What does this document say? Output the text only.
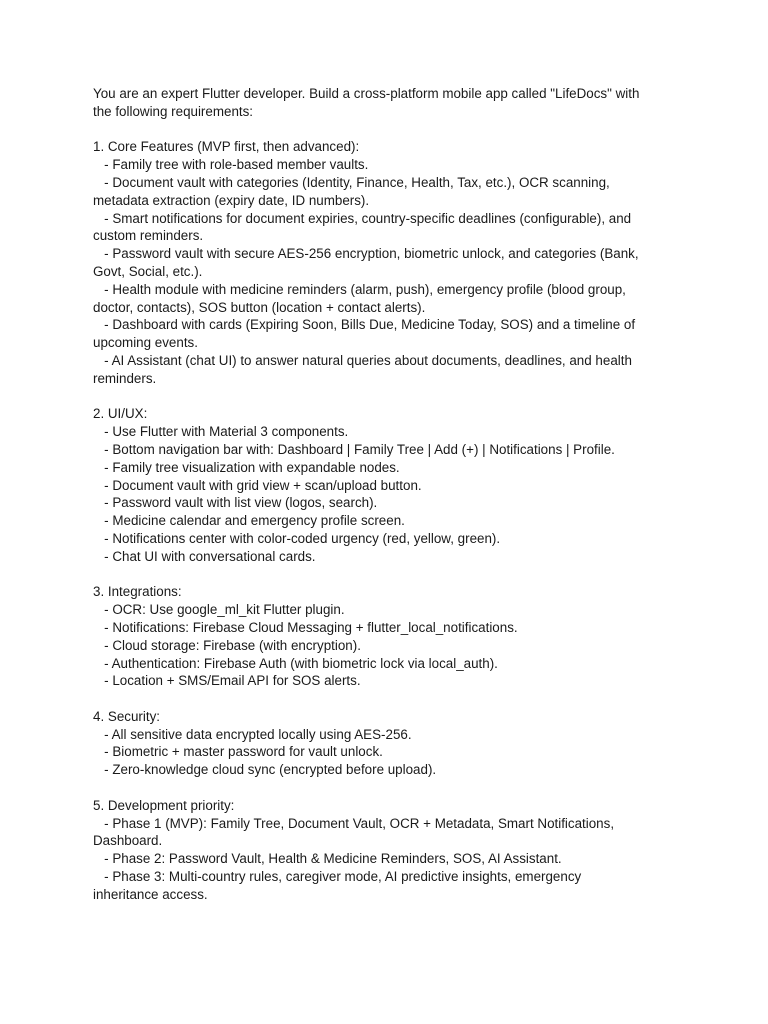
You are an expert Flutter developer. Build a cross-platform mobile app called "LifeDocs" with
the following requirements:
1. Core Features (MVP first, then advanced):
- Family tree with role-based member vaults.
- Document vault with categories (Identity, Finance, Health, Tax, etc.), OCR scanning,
metadata extraction (expiry date, ID numbers).
- Smart notifications for document expiries, country-specific deadlines (configurable), and
custom reminders.
- Password vault with secure AES-256 encryption, biometric unlock, and categories (Bank,
Govt, Social, etc.).
- Health module with medicine reminders (alarm, push), emergency profile (blood group,
doctor, contacts), SOS button (location + contact alerts).
- Dashboard with cards (Expiring Soon, Bills Due, Medicine Today, SOS) and a timeline of
upcoming events.
- AI Assistant (chat UI) to answer natural queries about documents, deadlines, and health
reminders.
2. UI/UX:
- Use Flutter with Material 3 components.
- Bottom navigation bar with: Dashboard | Family Tree | Add (+) | Notifications | Profile.
- Family tree visualization with expandable nodes.
- Document vault with grid view + scan/upload button.
- Password vault with list view (logos, search).
- Medicine calendar and emergency profile screen.
- Notifications center with color-coded urgency (red, yellow, green).
- Chat UI with conversational cards.
3. Integrations:
- OCR: Use google_ml_kit Flutter plugin.
- Notifications: Firebase Cloud Messaging + flutter_local_notifications.
- Cloud storage: Firebase (with encryption).
- Authentication: Firebase Auth (with biometric lock via local_auth).
- Location + SMS/Email API for SOS alerts.
4. Security:
- All sensitive data encrypted locally using AES-256.
- Biometric + master password for vault unlock.
- Zero-knowledge cloud sync (encrypted before upload).
5. Development priority:
- Phase 1 (MVP): Family Tree, Document Vault, OCR + Metadata, Smart Notifications,
Dashboard.
- Phase 2: Password Vault, Health & Medicine Reminders, SOS, AI Assistant.
- Phase 3: Multi-country rules, caregiver mode, AI predictive insights, emergency
inheritance access.
